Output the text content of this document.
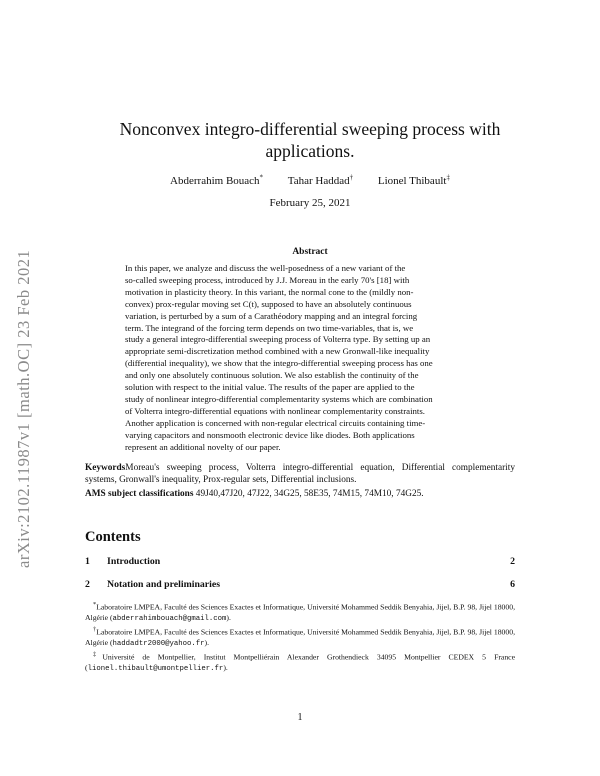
arXiv:2102.11987v1 [math.OC] 23 Feb 2021
Nonconvex integro-differential sweeping process with
applications.
Abderrahim Bouach* Tahar Haddad† Lionel Thibault‡
February 25, 2021
Abstract
In this paper, we analyze and discuss the well-posedness of a new variant of the
so-called sweeping process, introduced by J.J. Moreau in the early 70's [18] with
motivation in plasticity theory. In this variant, the normal cone to the (mildly non-
convex) prox-regular moving set C(t), supposed to have an absolutely continuous
variation, is perturbed by a sum of a Carathéodory mapping and an integral forcing
term. The integrand of the forcing term depends on two time-variables, that is, we
study a general integro-differential sweeping process of Volterra type. By setting up an
appropriate semi-discretization method combined with a new Gronwall-like inequality
(differential inequality), we show that the integro-differential sweeping process has one
and only one absolutely continuous solution. We also establish the continuity of the
solution with respect to the initial value. The results of the paper are applied to the
study of nonlinear integro-differential complementarity systems which are combination
of Volterra integro-differential equations with nonlinear complementarity constraints.
Another application is concerned with non-regular electrical circuits containing time-
varying capacitors and nonsmooth electronic device like diodes. Both applications
represent an additional novelty of our paper.

KeywordsMoreau's sweeping process, Volterra integro-differential equation, Differential complementarity systems, Gronwall's inequality, Prox-regular sets, Differential inclusions.

AMS subject classifications 49J40,47J20, 47J22, 34G25, 58E35, 74M15, 74M10, 74G25.

Contents
1 Introduction	2
2 Notation and preliminaries	6

*Laboratoire LMPEA, Faculté des Sciences Exactes et Informatique, Université Mohammed Seddik Benyahia, Jijel, B.P. 98, Jijel 18000, Algérie (abderrahimbouach@gmail.com).

†Laboratoire LMPEA, Faculté des Sciences Exactes et Informatique, Université Mohammed Seddik Benyahia, Jijel, B.P. 98, Jijel 18000, Algérie (haddadtr2000@yahoo.fr).

‡Université de Montpellier, Institut Montpelliérain Alexander Grothendieck 34095 Montpellier CEDEX 5 France (lionel.thibault@umontpellier.fr).

1
